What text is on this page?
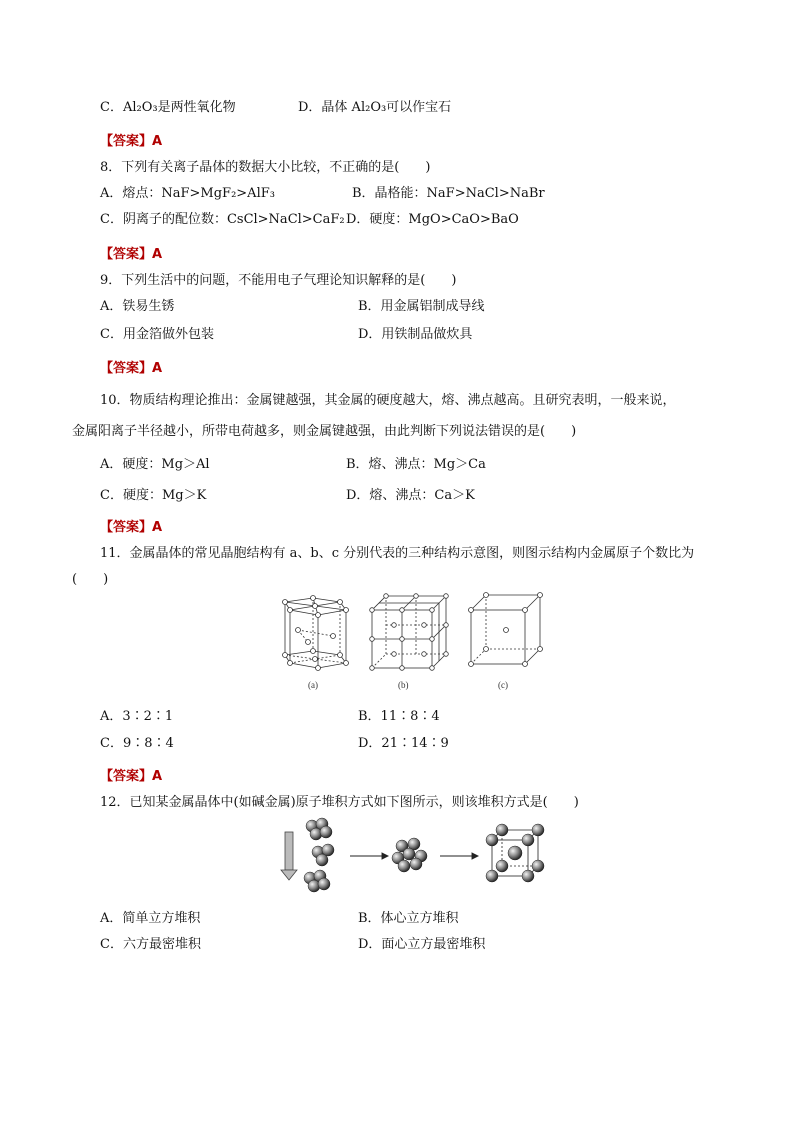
C．Al₂O₃是两性氧化物	D．晶体 Al₂O₃可以作宝石
【答案】A
8．下列有关离子晶体的数据大小比较，不正确的是(　　)
A．熔点：NaF>MgF₂>AlF₃	B．晶格能：NaF>NaCl>NaBr
C．阴离子的配位数：CsCl>NaCl>CaF₂ D．硬度：MgO>CaO>BaO
【答案】A
9．下列生活中的问题，不能用电子气理论知识解释的是(　　)
A．铁易生锈	B．用金属铝制成导线
C．用金箔做外包装	D．用铁制品做炊具
【答案】A
10．物质结构理论推出：金属键越强，其金属的硬度越大，熔、沸点越高。且研究表明，一般来说，
金属阳离子半径越小，所带电荷越多，则金属键越强，由此判断下列说法错误的是(　　)
A．硬度：Mg＞Al	B．熔、沸点：Mg＞Ca
C．硬度：Mg＞K	D．熔、沸点：Ca＞K
【答案】A
11．金属晶体的常见晶胞结构有 a、b、c 分别代表的三种结构示意图，则图示结构内金属原子个数比为
(　　)
(a)	(b)	(c)
A．3∶2∶1	B．11∶8∶4
C．9∶8∶4	D．21∶14∶9
【答案】A
12．已知某金属晶体中(如碱金属)原子堆积方式如下图所示，则该堆积方式是(　　)
A．简单立方堆积	B．体心立方堆积
C．六方最密堆积	D．面心立方最密堆积
